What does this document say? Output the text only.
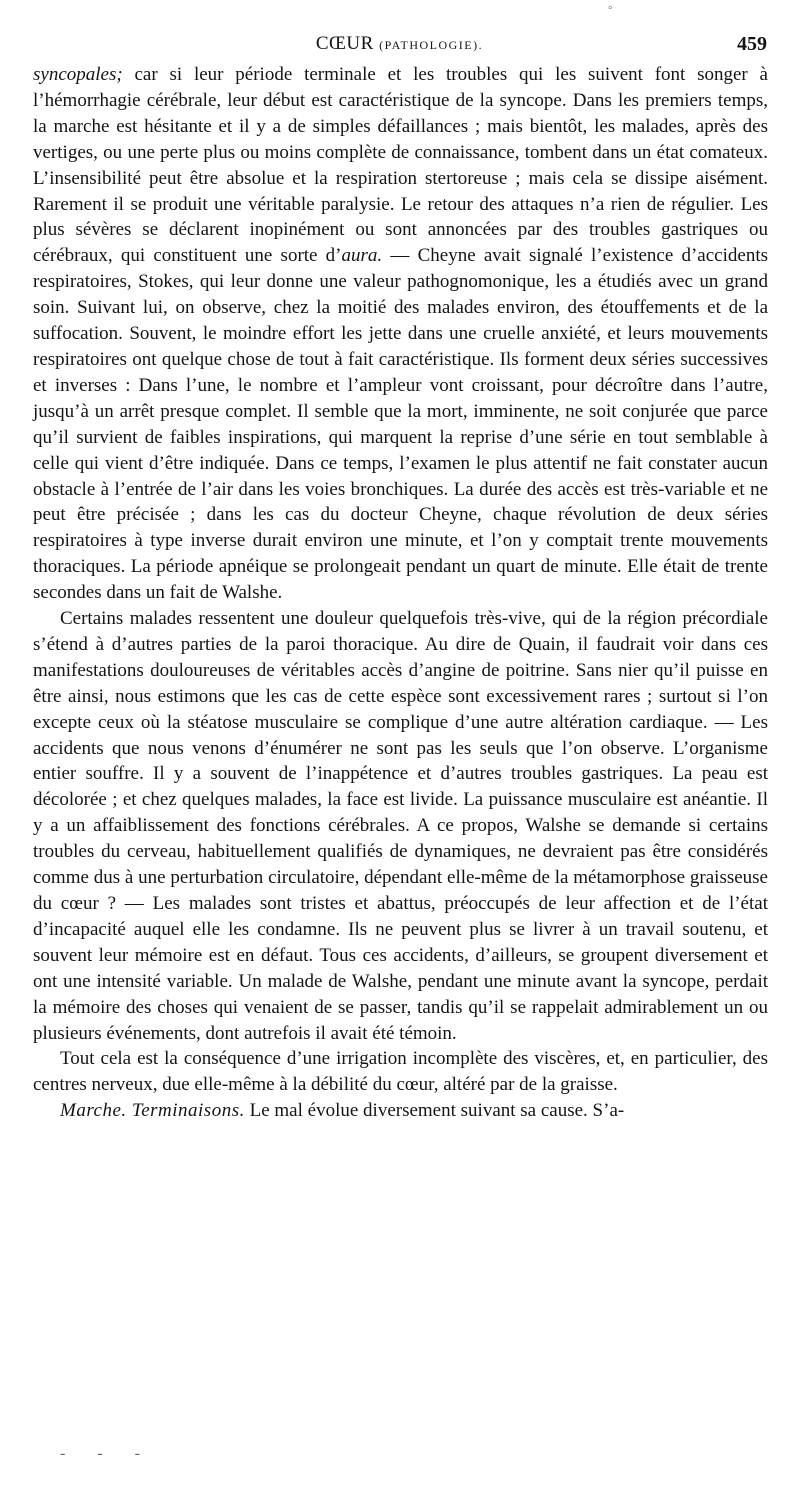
°
CŒUR (PATHOLOGIE).	459

syncopales; car si leur période terminale et les troubles qui les suivent font songer à l’hémorrhagie cérébrale, leur début est caractéristique de la syncope. Dans les premiers temps, la marche est hésitante et il y a de simples défaillances ; mais bientôt, les malades, après des vertiges, ou une perte plus ou moins complète de connaissance, tombent dans un état comateux. L’insensibilité peut être absolue et la respiration stertoreuse ; mais cela se dissipe aisément. Rarement il se produit une véritable paralysie. Le retour des attaques n’a rien de régulier. Les plus sévères se déclarent inopinément ou sont annoncées par des troubles gastriques ou cérébraux, qui constituent une sorte d’aura. — Cheyne avait signalé l’existence d’accidents respiratoires, Stokes, qui leur donne une valeur pathognomonique, les a étudiés avec un grand soin. Suivant lui, on observe, chez la moitié des malades environ, des étouffements et de la suffocation. Souvent, le moindre effort les jette dans une cruelle anxiété, et leurs mouvements respiratoires ont quelque chose de tout à fait caractéristique. Ils forment deux séries successives et inverses : Dans l’une, le nombre et l’ampleur vont croissant, pour décroître dans l’autre, jusqu’à un arrêt presque complet. Il semble que la mort, imminente, ne soit conjurée que parce qu’il survient de faibles inspirations, qui marquent la reprise d’une série en tout semblable à celle qui vient d’être indiquée. Dans ce temps, l’examen le plus attentif ne fait constater aucun obstacle à l’entrée de l’air dans les voies bronchiques. La durée des accès est très-variable et ne peut être précisée ; dans les cas du docteur Cheyne, chaque révolution de deux séries respiratoires à type inverse durait environ une minute, et l’on y comptait trente mouvements thoraciques. La période apnéique se prolongeait pendant un quart de minute. Elle était de trente secondes dans un fait de Walshe.

Certains malades ressentent une douleur quelquefois très-vive, qui de la région précordiale s’étend à d’autres parties de la paroi thoracique. Au dire de Quain, il faudrait voir dans ces manifestations douloureuses de véritables accès d’angine de poitrine. Sans nier qu’il puisse en être ainsi, nous estimons que les cas de cette espèce sont excessivement rares ; surtout si l’on excepte ceux où la stéatose musculaire se complique d’une autre altération cardiaque. — Les accidents que nous venons d’énumérer ne sont pas les seuls que l’on observe. L’organisme entier souffre. Il y a souvent de l’inappétence et d’autres troubles gastriques. La peau est décolorée ; et chez quelques malades, la face est livide. La puissance musculaire est anéantie. Il y a un affaiblissement des fonctions cérébrales. A ce propos, Walshe se demande si certains troubles du cerveau, habituellement qualifiés de dynamiques, ne devraient pas être considérés comme dus à une perturbation circulatoire, dépendant elle-même de la métamorphose graisseuse du cœur ? — Les malades sont tristes et abattus, préoccupés de leur affection et de l’état d’incapacité auquel elle les condamne. Ils ne peuvent plus se livrer à un travail soutenu, et souvent leur mémoire est en défaut. Tous ces accidents, d’ailleurs, se groupent diversement et ont une intensité variable. Un malade de Walshe, pendant une minute avant la syncope, perdait la mémoire des choses qui venaient de se passer, tandis qu’il se rappelait admirablement un ou plusieurs événements, dont autrefois il avait été témoin.

Tout cela est la conséquence d’une irrigation incomplète des viscères, et, en particulier, des centres nerveux, due elle-même à la débilité du cœur, altéré par de la graisse.

Marche. Terminaisons. Le mal évolue diversement suivant sa cause. S’a-

- - -
